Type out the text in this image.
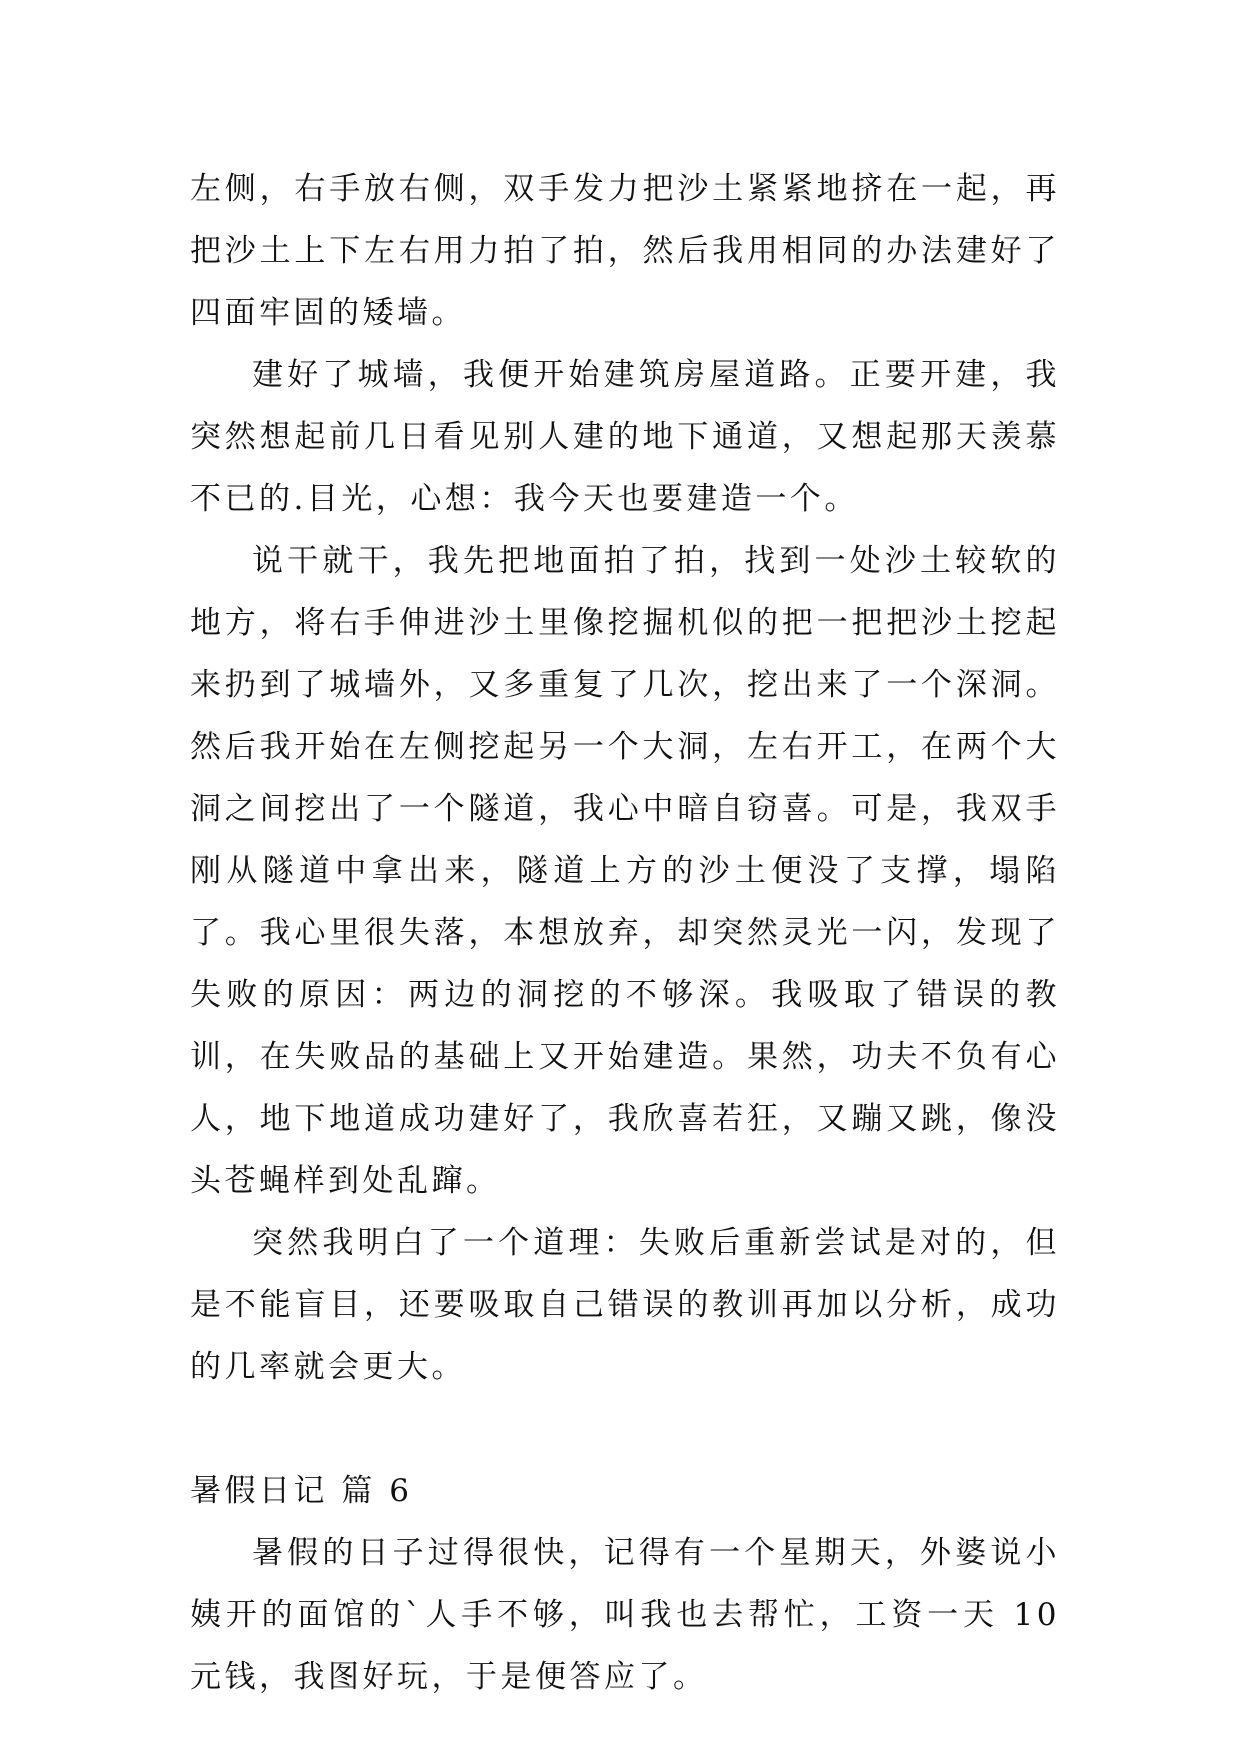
左侧，右手放右侧，双手发力把沙土紧紧地挤在一起，再把沙土上下左右用力拍了拍，然后我用相同的办法建好了四面牢固的矮墙。

建好了城墙，我便开始建筑房屋道路。正要开建，我突然想起前几日看见别人建的地下通道，又想起那天羡慕不已的.目光，心想：我今天也要建造一个。

说干就干，我先把地面拍了拍，找到一处沙土较软的地方，将右手伸进沙土里像挖掘机似的把一把把沙土挖起来扔到了城墙外，又多重复了几次，挖出来了一个深洞。然后我开始在左侧挖起另一个大洞，左右开工，在两个大洞之间挖出了一个隧道，我心中暗自窃喜。可是，我双手刚从隧道中拿出来，隧道上方的沙土便没了支撑，塌陷了。我心里很失落，本想放弃，却突然灵光一闪，发现了失败的原因：两边的洞挖的不够深。我吸取了错误的教训，在失败品的基础上又开始建造。果然，功夫不负有心人，地下地道成功建好了，我欣喜若狂，又蹦又跳，像没头苍蝇样到处乱蹿。

突然我明白了一个道理：失败后重新尝试是对的，但是不能盲目，还要吸取自己错误的教训再加以分析，成功的几率就会更大。

暑假日记 篇 6

暑假的日子过得很快，记得有一个星期天，外婆说小姨开的面馆的`人手不够，叫我也去帮忙，工资一天 10 元钱，我图好玩，于是便答应了。
